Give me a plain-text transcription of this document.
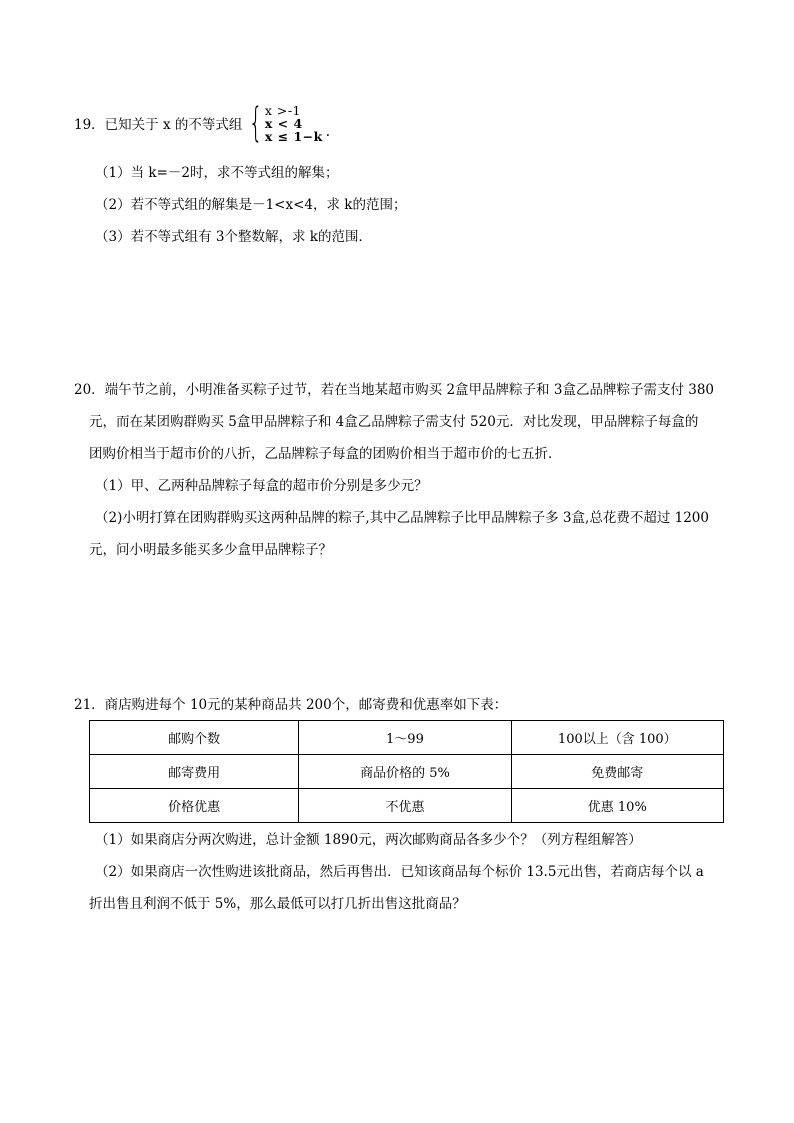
19．已知关于 x 的不等式组 { x >-1
x < 4
x ≤ 1−k .
（1）当 k=－2时，求不等式组的解集；
（2）若不等式组的解集是－1<x<4，求 k的范围；
（3）若不等式组有 3个整数解，求 k的范围．
20．端午节之前，小明准备买粽子过节，若在当地某超市购买 2盒甲品牌粽子和 3盒乙品牌粽子需支付 380
元，而在某团购群购买 5盒甲品牌粽子和 4盒乙品牌粽子需支付 520元．对比发现，甲品牌粽子每盒的
团购价相当于超市价的八折，乙品牌粽子每盒的团购价相当于超市价的七五折．
（1）甲、乙两种品牌粽子每盒的超市价分别是多少元？
（2)小明打算在团购群购买这两种品牌的粽子,其中乙品牌粽子比甲品牌粽子多 3盒,总花费不超过 1200
元，问小明最多能买多少盒甲品牌粽子？
21．商店购进每个 10元的某种商品共 200个，邮寄费和优惠率如下表：
邮购个数	1～99	100以上（含 100）
邮寄费用	商品价格的 5%	免费邮寄
价格优惠	不优惠	优惠 10%
（1）如果商店分两次购进，总计金额 1890元，两次邮购商品各多少个？（列方程组解答）
（2）如果商店一次性购进该批商品，然后再售出．已知该商品每个标价 13.5元出售，若商店每个以 a
折出售且利润不低于 5%，那么最低可以打几折出售这批商品？
